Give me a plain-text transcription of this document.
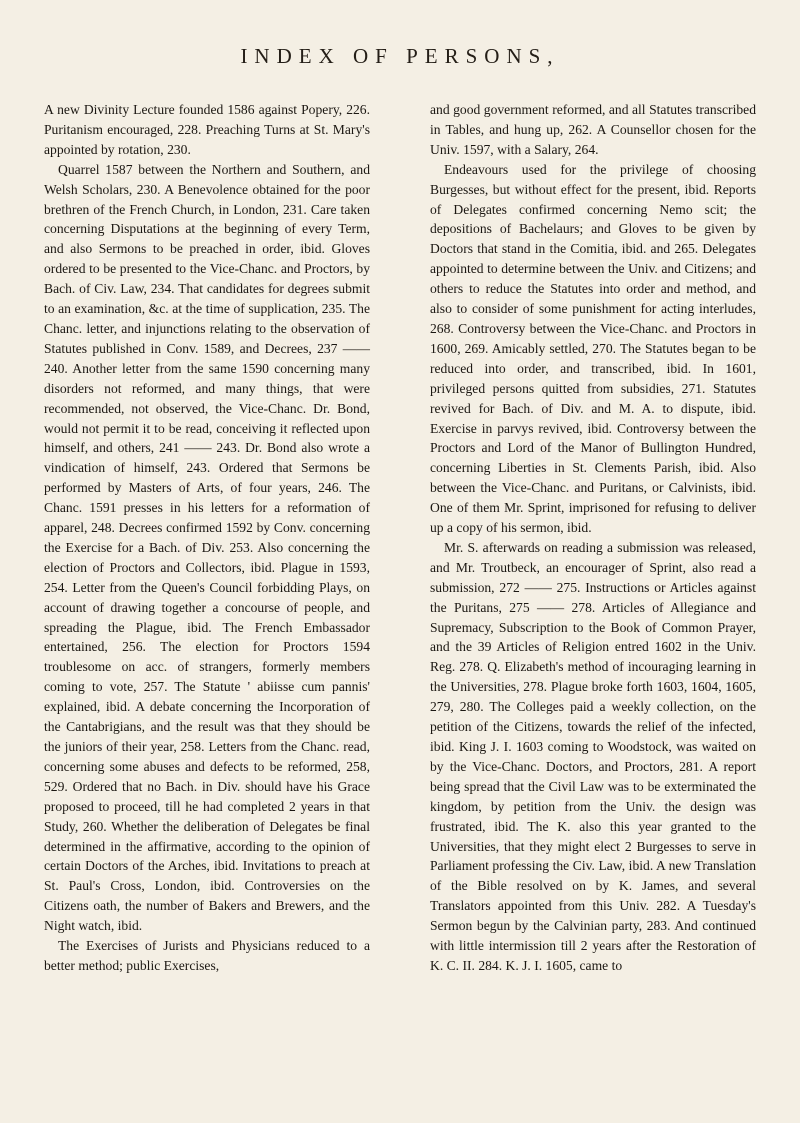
INDEX OF PERSONS,

A new Divinity Lecture founded 1586 against Popery, 226. Puritanism encouraged, 228. Preaching Turns at St. Mary's appointed by rotation, 230.

Quarrel 1587 between the Northern and Southern, and Welsh Scholars, 230. A Benevolence obtained for the poor brethren of the French Church, in London, 231. Care taken concerning Disputations at the beginning of every Term, and also Sermons to be preached in order, ibid. Gloves ordered to be presented to the Vice-Chanc. and Proctors, by Bach. of Civ. Law, 234. That candidates for degrees submit to an examination, &c. at the time of supplication, 235. The Chanc. letter, and injunctions relating to the observation of Statutes published in Conv. 1589, and Decrees, 237 —— 240. Another letter from the same 1590 concerning many disorders not reformed, and many things, that were recommended, not observed, the Vice-Chanc. Dr. Bond, would not permit it to be read, conceiving it reflected upon himself, and others, 241 —— 243. Dr. Bond also wrote a vindication of himself, 243. Ordered that Sermons be performed by Masters of Arts, of four years, 246. The Chanc. 1591 presses in his letters for a reformation of apparel, 248. Decrees confirmed 1592 by Conv. concerning the Exercise for a Bach. of Div. 253. Also concerning the election of Proctors and Collectors, ibid. Plague in 1593, 254. Letter from the Queen's Council forbidding Plays, on account of drawing together a concourse of people, and spreading the Plague, ibid. The French Embassador entertained, 256. The election for Proctors 1594 troublesome on acc. of strangers, formerly members coming to vote, 257. The Statute ' abiisse cum pannis' explained, ibid. A debate concerning the Incorporation of the Cantabrigians, and the result was that they should be the juniors of their year, 258. Letters from the Chanc. read, concerning some abuses and defects to be reformed, 258, 529. Ordered that no Bach. in Div. should have his Grace proposed to proceed, till he had completed 2 years in that Study, 260. Whether the deliberation of Delegates be final determined in the affirmative, according to the opinion of certain Doctors of the Arches, ibid. Invitations to preach at St. Paul's Cross, London, ibid. Controversies on the Citizens oath, the number of Bakers and Brewers, and the Night watch, ibid.

The Exercises of Jurists and Physicians reduced to a better method; public Exercises,

and good government reformed, and all Statutes transcribed in Tables, and hung up, 262. A Counsellor chosen for the Univ. 1597, with a Salary, 264.

Endeavours used for the privilege of choosing Burgesses, but without effect for the present, ibid. Reports of Delegates confirmed concerning Nemo scit; the depositions of Bachelaurs; and Gloves to be given by Doctors that stand in the Comitia, ibid. and 265. Delegates appointed to determine between the Univ. and Citizens; and others to reduce the Statutes into order and method, and also to consider of some punishment for acting interludes, 268. Controversy between the Vice-Chanc. and Proctors in 1600, 269. Amicably settled, 270. The Statutes began to be reduced into order, and transcribed, ibid. In 1601, privileged persons quitted from subsidies, 271. Statutes revived for Bach. of Div. and M. A. to dispute, ibid. Exercise in parvys revived, ibid. Controversy between the Proctors and Lord of the Manor of Bullington Hundred, concerning Liberties in St. Clements Parish, ibid. Also between the Vice-Chanc. and Puritans, or Calvinists, ibid. One of them Mr. Sprint, imprisoned for refusing to deliver up a copy of his sermon, ibid.

Mr. S. afterwards on reading a submission was released, and Mr. Troutbeck, an encourager of Sprint, also read a submission, 272 —— 275. Instructions or Articles against the Puritans, 275 —— 278. Articles of Allegiance and Supremacy, Subscription to the Book of Common Prayer, and the 39 Articles of Religion entred 1602 in the Univ. Reg. 278. Q. Elizabeth's method of incouraging learning in the Universities, 278. Plague broke forth 1603, 1604, 1605, 279, 280. The Colleges paid a weekly collection, on the petition of the Citizens, towards the relief of the infected, ibid. King J. I. 1603 coming to Woodstock, was waited on by the Vice-Chanc. Doctors, and Proctors, 281. A report being spread that the Civil Law was to be exterminated the kingdom, by petition from the Univ. the design was frustrated, ibid. The K. also this year granted to the Universities, that they might elect 2 Burgesses to serve in Parliament professing the Civ. Law, ibid. A new Translation of the Bible resolved on by K. James, and several Translators appointed from this Univ. 282. A Tuesday's Sermon begun by the Calvinian party, 283. And continued with little intermission till 2 years after the Restoration of K. C. II. 284. K. J. I. 1605, came to
